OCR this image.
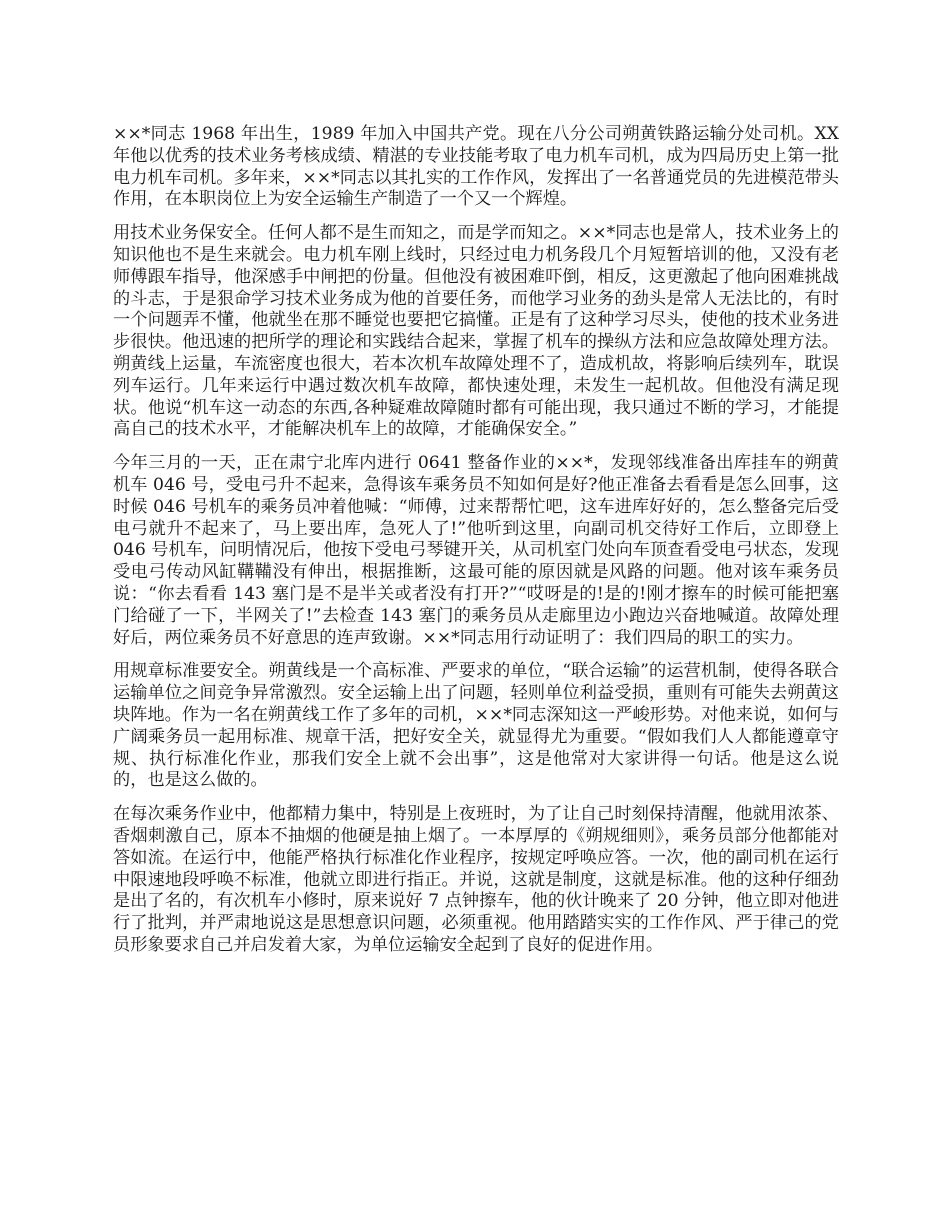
××*同志 1968 年出生，1989 年加入中国共产党。现在八分公司朔黄铁路运输分处司机。XX 年他以优秀的技术业务考核成绩、精湛的专业技能考取了电力机车司机，成为四局历史上第一批电力机车司机。多年来，××*同志以其扎实的工作作风，发挥出了一名普通党员的先进模范带头作用，在本职岗位上为安全运输生产制造了一个又一个辉煌。

用技术业务保安全。任何人都不是生而知之，而是学而知之。××*同志也是常人，技术业务上的知识他也不是生来就会。电力机车刚上线时，只经过电力机务段几个月短暂培训的他，又没有老师傅跟车指导，他深感手中闸把的份量。但他没有被困难吓倒，相反，这更激起了他向困难挑战的斗志，于是狠命学习技术业务成为他的首要任务，而他学习业务的劲头是常人无法比的，有时一个问题弄不懂，他就坐在那不睡觉也要把它搞懂。正是有了这种学习尽头，使他的技术业务进步很快。他迅速的把所学的理论和实践结合起来，掌握了机车的操纵方法和应急故障处理方法。朔黄线上运量，车流密度也很大，若本次机车故障处理不了，造成机故，将影响后续列车，耽误列车运行。几年来运行中遇过数次机车故障，都快速处理，未发生一起机故。但他没有满足现状。他说“机车这一动态的东西,各种疑难故障随时都有可能出现，我只通过不断的学习，才能提高自己的技术水平，才能解决机车上的故障，才能确保安全。”

今年三月的一天，正在肃宁北库内进行 0641 整备作业的××*，发现邻线准备出库挂车的朔黄机车 046 号，受电弓升不起来，急得该车乘务员不知如何是好?他正准备去看看是怎么回事，这时候 046 号机车的乘务员冲着他喊：“师傅，过来帮帮忙吧，这车进库好好的，怎么整备完后受电弓就升不起来了，马上要出库，急死人了!”他听到这里，向副司机交待好工作后，立即登上 046 号机车，问明情况后，他按下受电弓琴键开关，从司机室门处向车顶查看受电弓状态，发现受电弓传动风缸鞲鞴没有伸出，根据推断，这最可能的原因就是风路的问题。他对该车乘务员说：“你去看看 143 塞门是不是半关或者没有打开?”“哎呀是的!是的!刚才擦车的时候可能把塞门给碰了一下，半网关了!”去检查 143 塞门的乘务员从走廊里边小跑边兴奋地喊道。故障处理好后，两位乘务员不好意思的连声致谢。××*同志用行动证明了：我们四局的职工的实力。

用规章标准要安全。朔黄线是一个高标准、严要求的单位，“联合运输”的运营机制，使得各联合运输单位之间竞争异常激烈。安全运输上出了问题，轻则单位利益受损，重则有可能失去朔黄这块阵地。作为一名在朔黄线工作了多年的司机，××*同志深知这一严峻形势。对他来说，如何与广阔乘务员一起用标准、规章干活，把好安全关，就显得尤为重要。“假如我们人人都能遵章守规、执行标准化作业，那我们安全上就不会出事”，这是他常对大家讲得一句话。他是这么说的，也是这么做的。

在每次乘务作业中，他都精力集中，特别是上夜班时，为了让自己时刻保持清醒，他就用浓茶、香烟刺激自己，原本不抽烟的他硬是抽上烟了。一本厚厚的《朔规细则》，乘务员部分他都能对答如流。在运行中，他能严格执行标准化作业程序，按规定呼唤应答。一次，他的副司机在运行中限速地段呼唤不标准，他就立即进行指正。并说，这就是制度，这就是标准。他的这种仔细劲是出了名的，有次机车小修时，原来说好 7 点钟擦车，他的伙计晚来了 20 分钟，他立即对他进行了批判，并严肃地说这是思想意识问题，必须重视。他用踏踏实实的工作作风、严于律己的党员形象要求自己并启发着大家，为单位运输安全起到了良好的促进作用。
